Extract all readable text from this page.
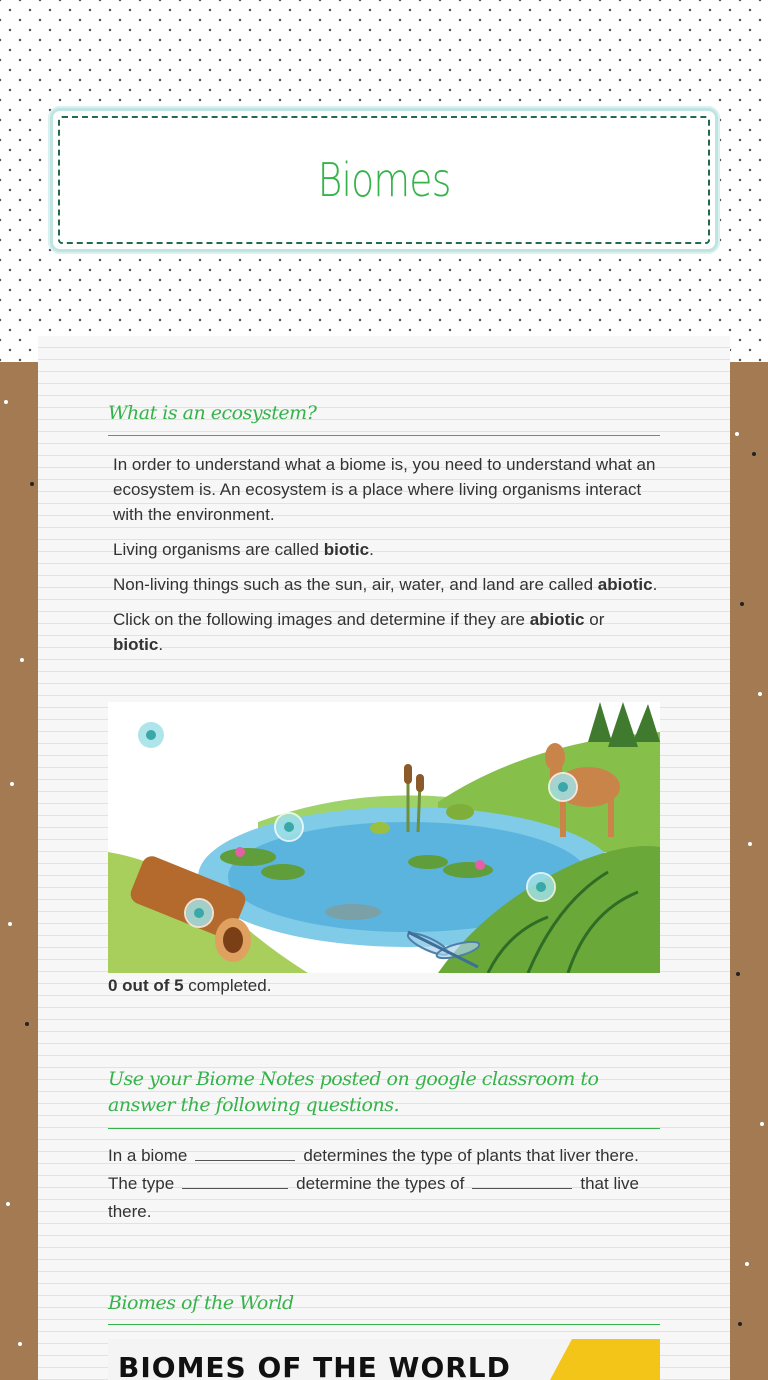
Biomes
What is an ecosystem?

In order to understand what a biome is, you need to understand what an ecosystem is. An ecosystem is a place where living organisms interact with the environment.

Living organisms are called biotic.

Non-living things such as the sun, air, water, and land are called abiotic.

Click on the following images and determine if they are abiotic or biotic.

0 out of 5 completed.

Use your Biome Notes posted on google classroom to answer the following questions.

In a biome	determines the type of plants that liver there. The type	determine the types of	that live there.

Biomes of the World
BIOMES OF THE WORLD
